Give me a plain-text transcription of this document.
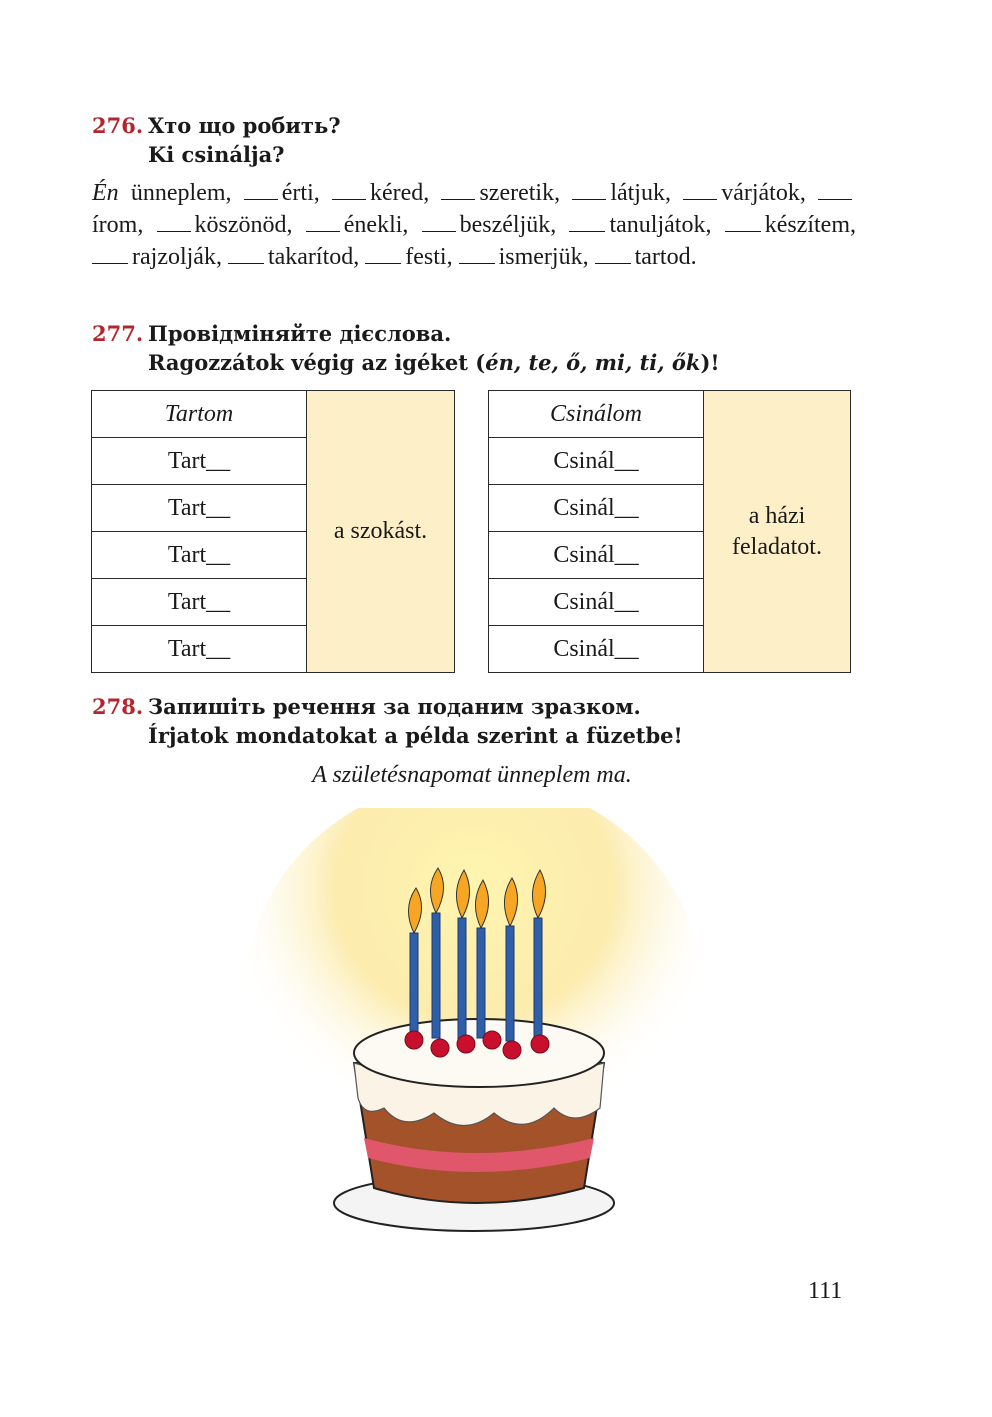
276. Хто що робить?
Ki csinálja?
Én ünneplem, érti, kéred, szeretik, látjuk, várjátok, írom, köszönöd, énekli, beszéljük, tanuljátok, készítem, rajzolják, takarítod, festi, ismerjük, tartod.
277. Провідміняйте дієслова.
Ragozzátok végig az igéket (én, te, ő, mi, ti, ők)!
Tartom	a szokást.
Tart__
Tart__
Tart__
Tart__
Tart__
Csinálom	a házi
feladatot.
Csinál__
Csinál__
Csinál__
Csinál__
Csinál__
278. Запишіть речення за поданим зразком.
Írjatok mondatokat a példa szerint a füzetbe!
A születésnapomat ünneplem ma.
111
